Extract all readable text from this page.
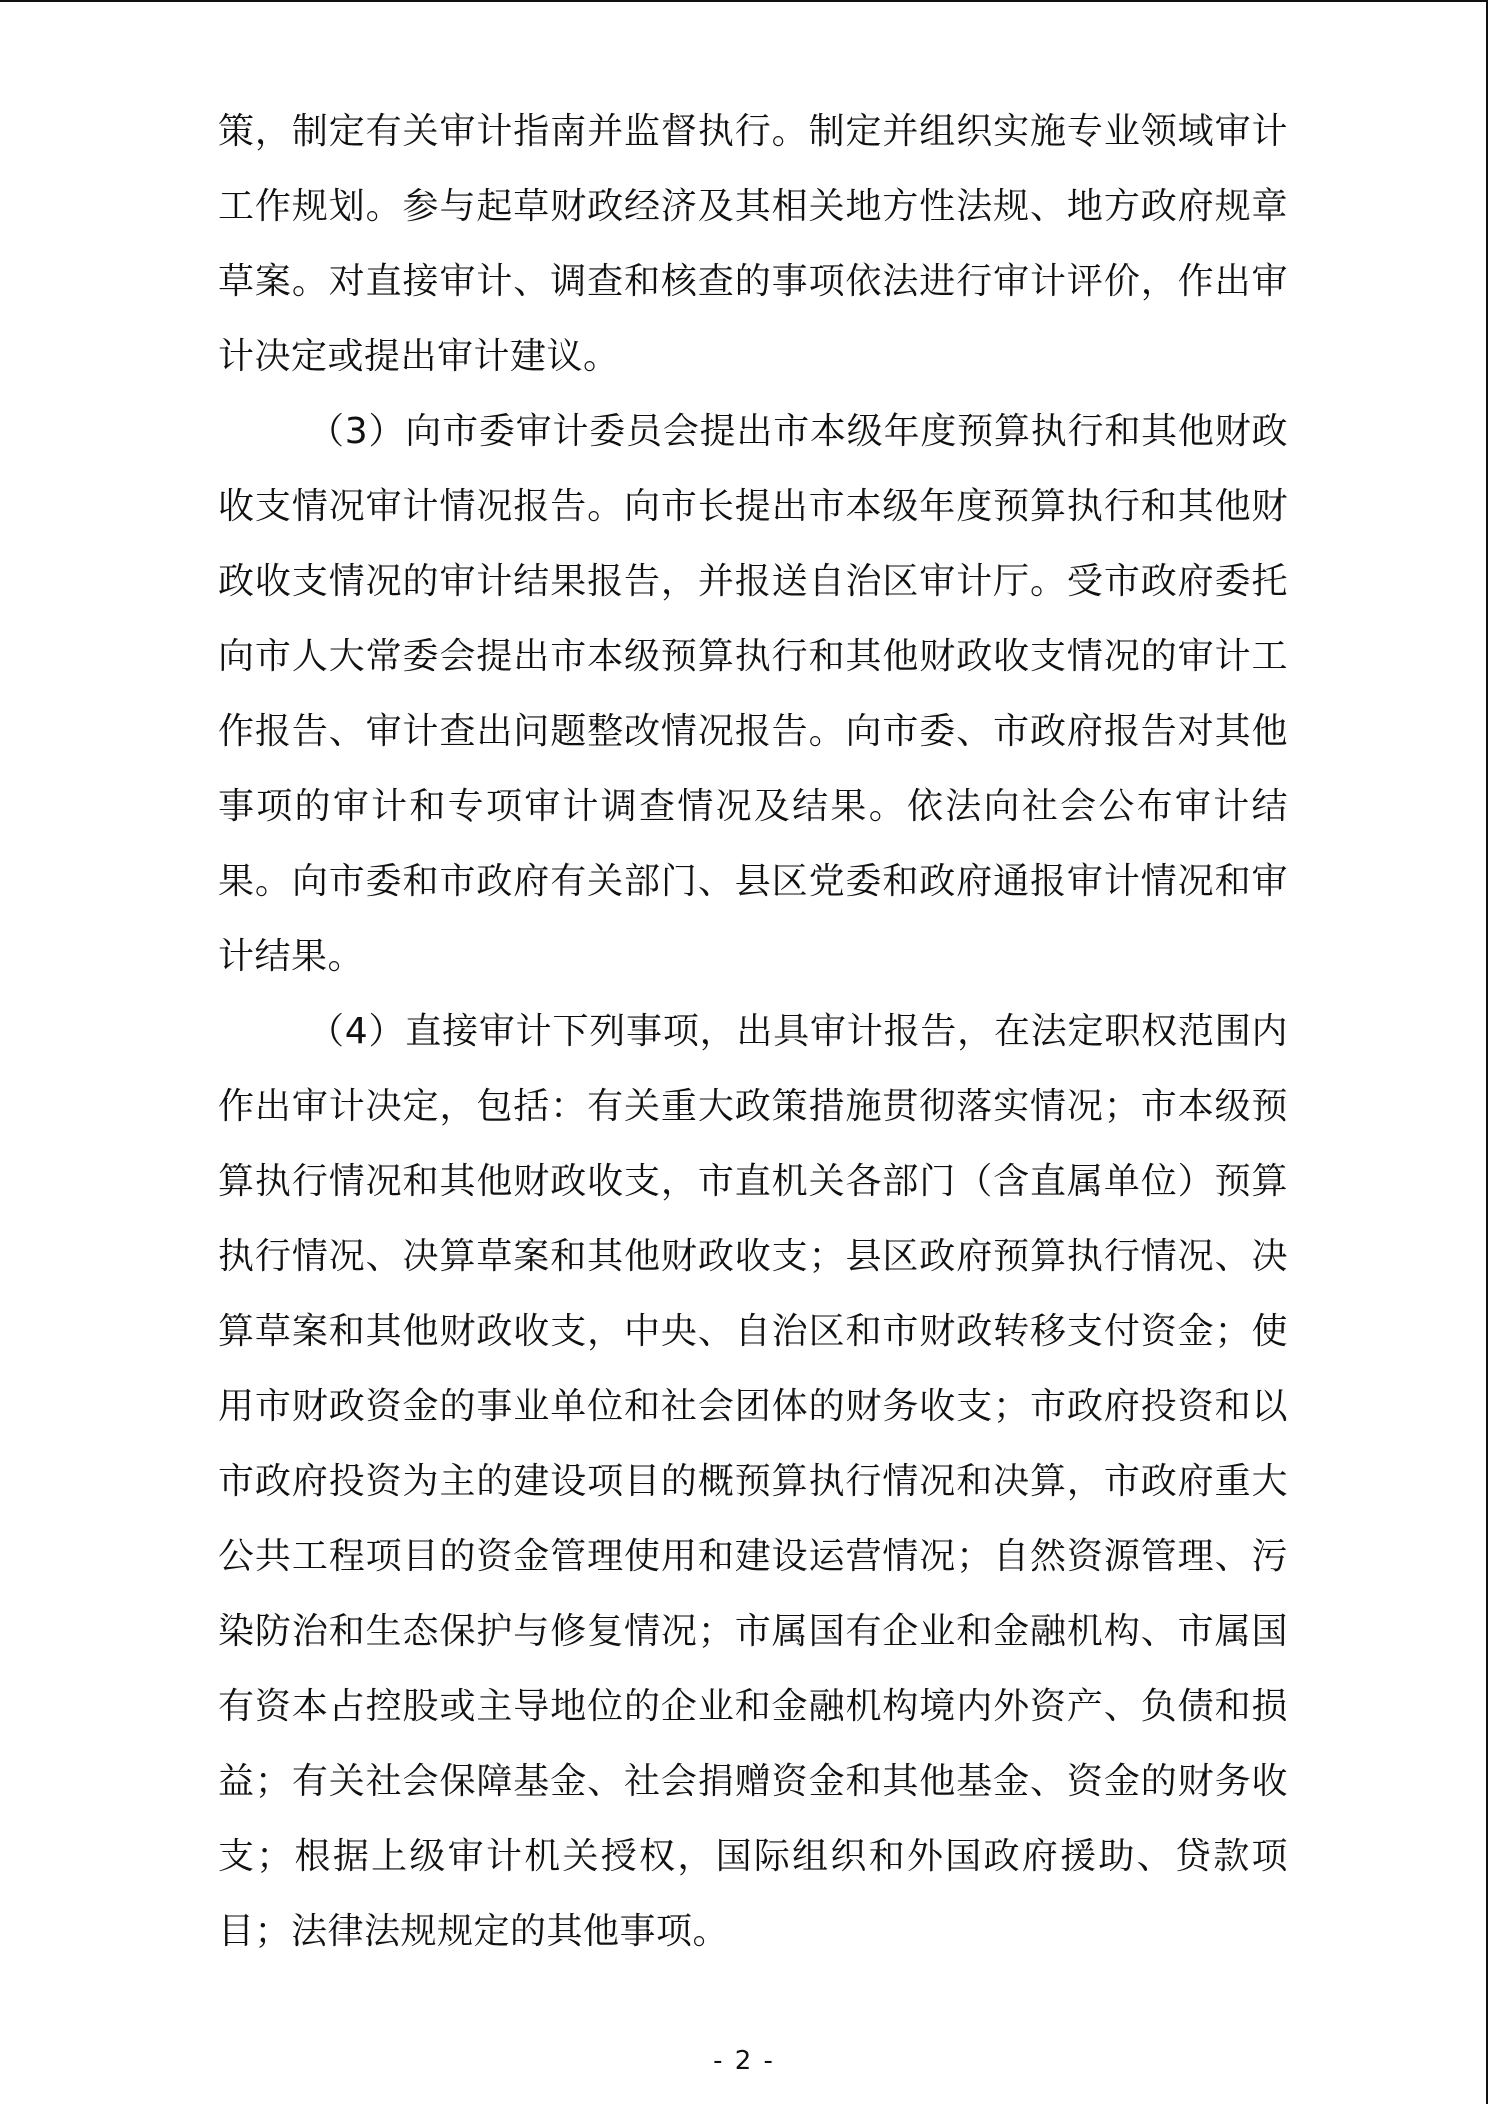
策，制定有关审计指南并监督执行。制定并组织实施专业领域审计工作规划。参与起草财政经济及其相关地方性法规、地方政府规章草案。对直接审计、调查和核查的事项依法进行审计评价，作出审计决定或提出审计建议。

（3）向市委审计委员会提出市本级年度预算执行和其他财政收支情况审计情况报告。向市长提出市本级年度预算执行和其他财政收支情况的审计结果报告，并报送自治区审计厅。受市政府委托向市人大常委会提出市本级预算执行和其他财政收支情况的审计工作报告、审计查出问题整改情况报告。向市委、市政府报告对其他事项的审计和专项审计调查情况及结果。依法向社会公布审计结果。向市委和市政府有关部门、县区党委和政府通报审计情况和审计结果。

（4）直接审计下列事项，出具审计报告，在法定职权范围内作出审计决定，包括：有关重大政策措施贯彻落实情况；市本级预算执行情况和其他财政收支，市直机关各部门（含直属单位）预算执行情况、决算草案和其他财政收支；县区政府预算执行情况、决算草案和其他财政收支，中央、自治区和市财政转移支付资金；使用市财政资金的事业单位和社会团体的财务收支；市政府投资和以市政府投资为主的建设项目的概预算执行情况和决算，市政府重大公共工程项目的资金管理使用和建设运营情况；自然资源管理、污染防治和生态保护与修复情况；市属国有企业和金融机构、市属国有资本占控股或主导地位的企业和金融机构境内外资产、负债和损益；有关社会保障基金、社会捐赠资金和其他基金、资金的财务收支；根据上级审计机关授权，国际组织和外国政府援助、贷款项目；法律法规规定的其他事项。

- 2 -
